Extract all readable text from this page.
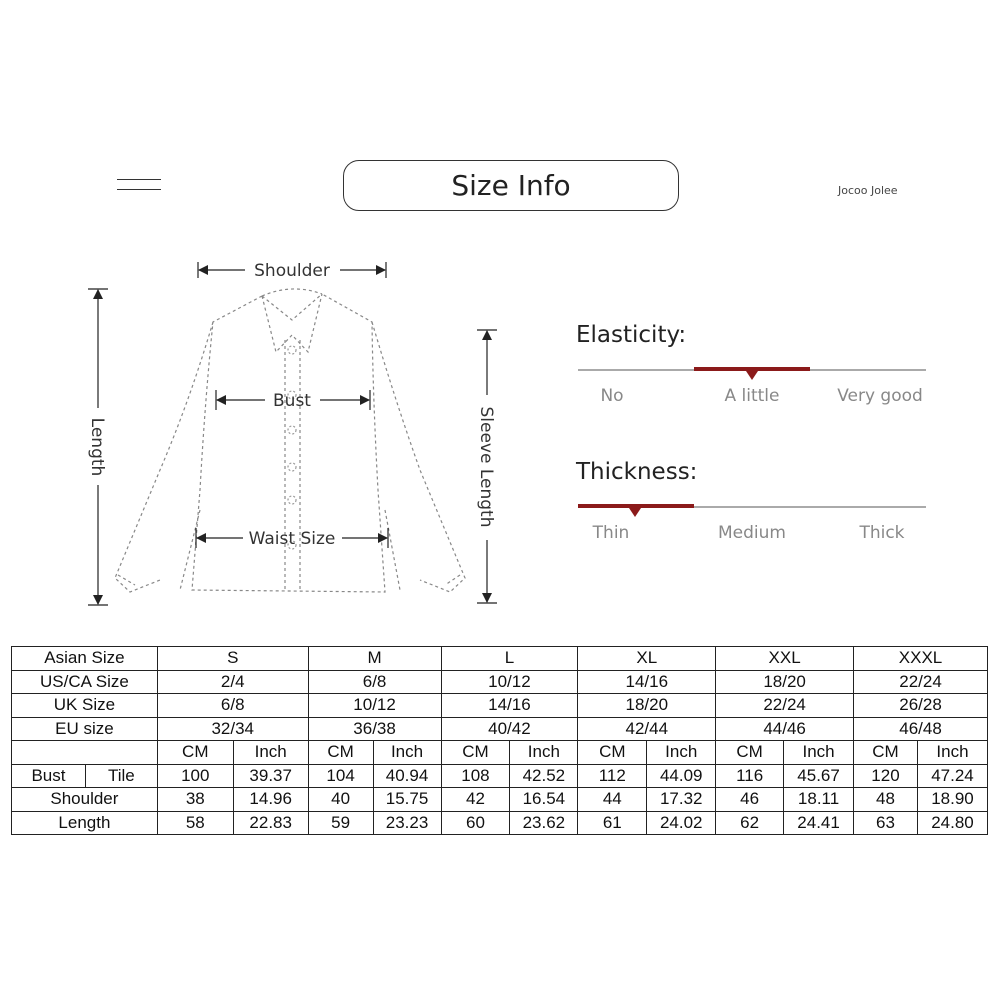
Size Info	Jocoo Jolee
Shoulder
Bust
Waist Size
Length	Sleeve Length
Elasticity:
No	A little	Very good
Thickness:
Thin	Medium	Thick
Asian Size		S		M		L		XL		XXL		XXXL	
US/CA Size		2/4		6/8		10/12		14/16		18/20		22/24	
UK Size		6/8		10/12		14/16		18/20		22/24		26/28	
EU size		32/34		36/38		40/42		42/44		44/46		46/48	
		CM	Inch	CM	Inch	CM	Inch	CM	Inch	CM	Inch	CM	Inch
Bust	Tile	100	39.37	104	40.94	108	42.52	112	44.09	116	45.67	120	47.24
Shoulder		38	14.96	40	15.75	42	16.54	44	17.32	46	18.11	48	18.90
Length		58	22.83	59	23.23	60	23.62	61	24.02	62	24.41	63	24.80
